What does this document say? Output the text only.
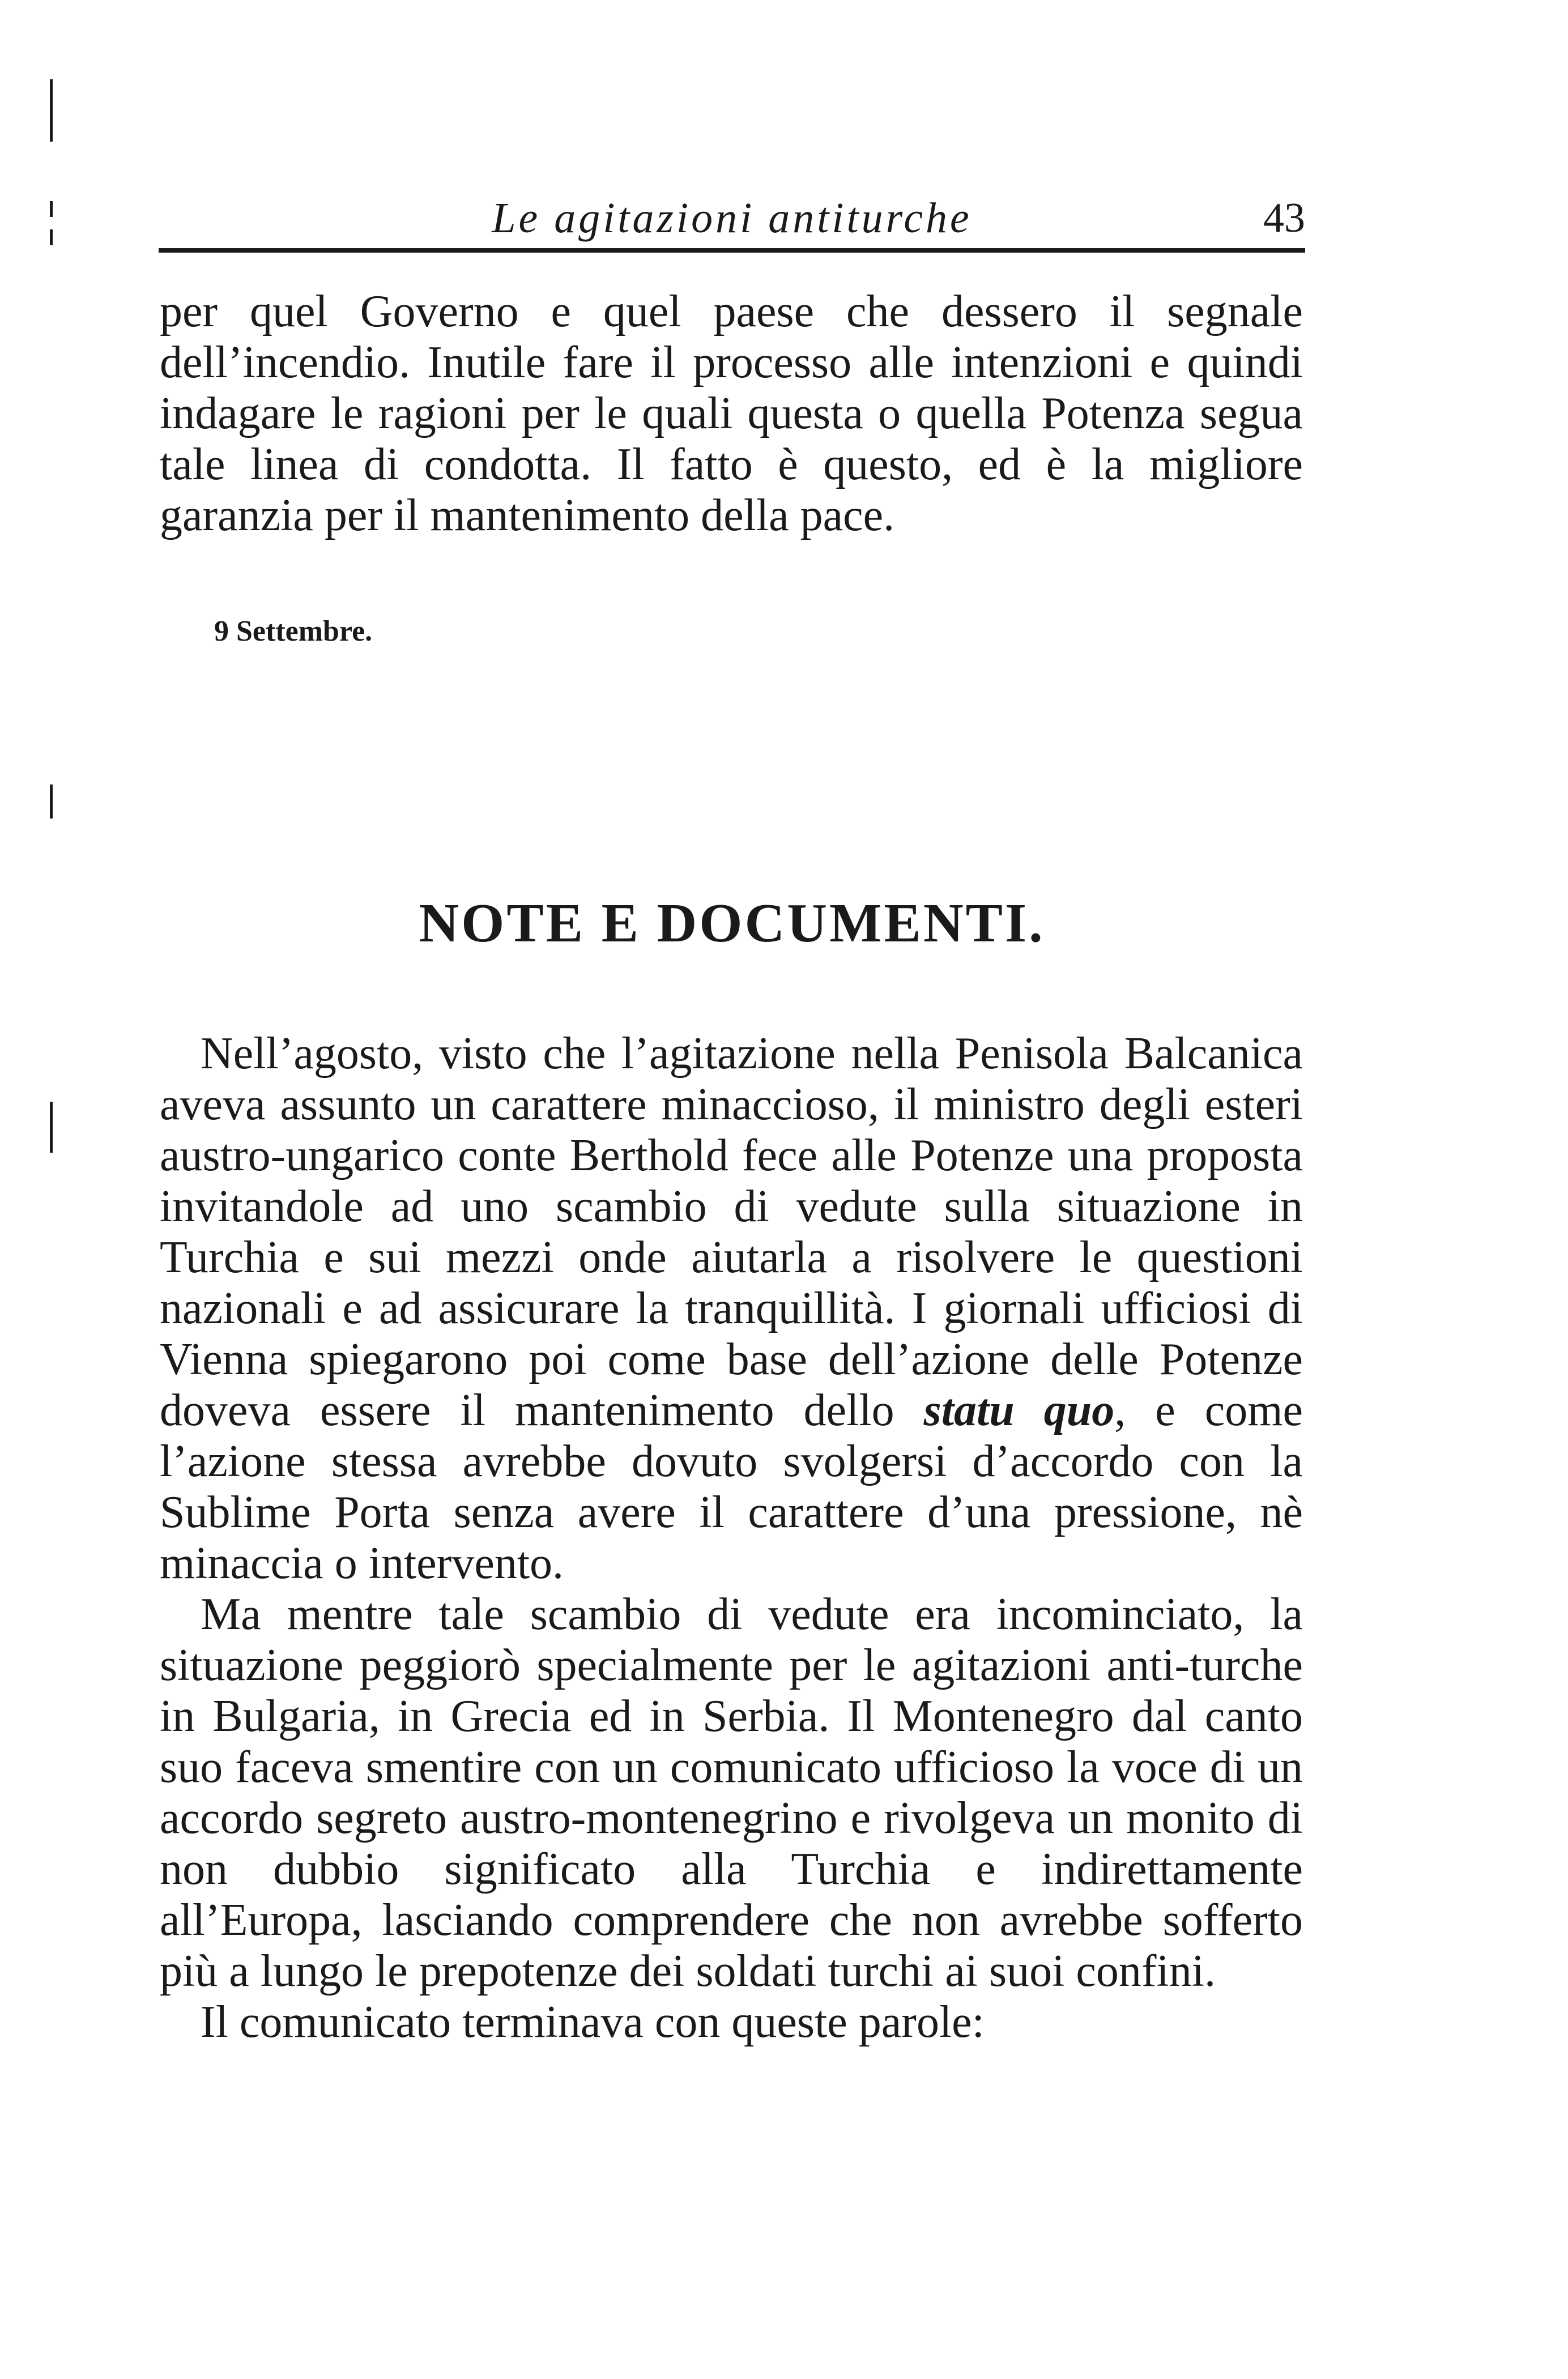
Le agitazioni antiturche	43

per quel Governo e quel paese che dessero il segnale dell’incendio. Inutile fare il processo alle intenzioni e quindi indagare le ragioni per le quali questa o quella Potenza segua tale linea di condotta. Il fatto è questo, ed è la migliore garanzia per il mantenimento della pace.

9 Settembre.
NOTE E DOCUMENTI.

Nell’agosto, visto che l’agitazione nella Penisola Balcanica aveva assunto un carattere minaccioso, il ministro degli esteri austro-ungarico conte Berthold fece alle Potenze una proposta invitandole ad uno scambio di vedute sulla situazione in Turchia e sui mezzi onde aiutarla a risolvere le questioni nazionali e ad assicurare la tranquillità. I giornali ufficiosi di Vienna spiegarono poi come base dell’azione delle Potenze doveva essere il mantenimento dello statu quo, e come l’azione stessa avrebbe dovuto svolgersi d’accordo con la Sublime Porta senza avere il carattere d’una pressione, nè minaccia o intervento.

Ma mentre tale scambio di vedute era incominciato, la situazione peggiorò specialmente per le agitazioni anti-turche in Bulgaria, in Grecia ed in Serbia. Il Montenegro dal canto suo faceva smentire con un comunicato ufficioso la voce di un accordo segreto austro-montenegrino e rivolgeva un monito di non dubbio significato alla Turchia e indirettamente all’Europa, lasciando comprendere che non avrebbe sofferto più a lungo le prepotenze dei soldati turchi ai suoi confini.

Il comunicato terminava con queste parole:
